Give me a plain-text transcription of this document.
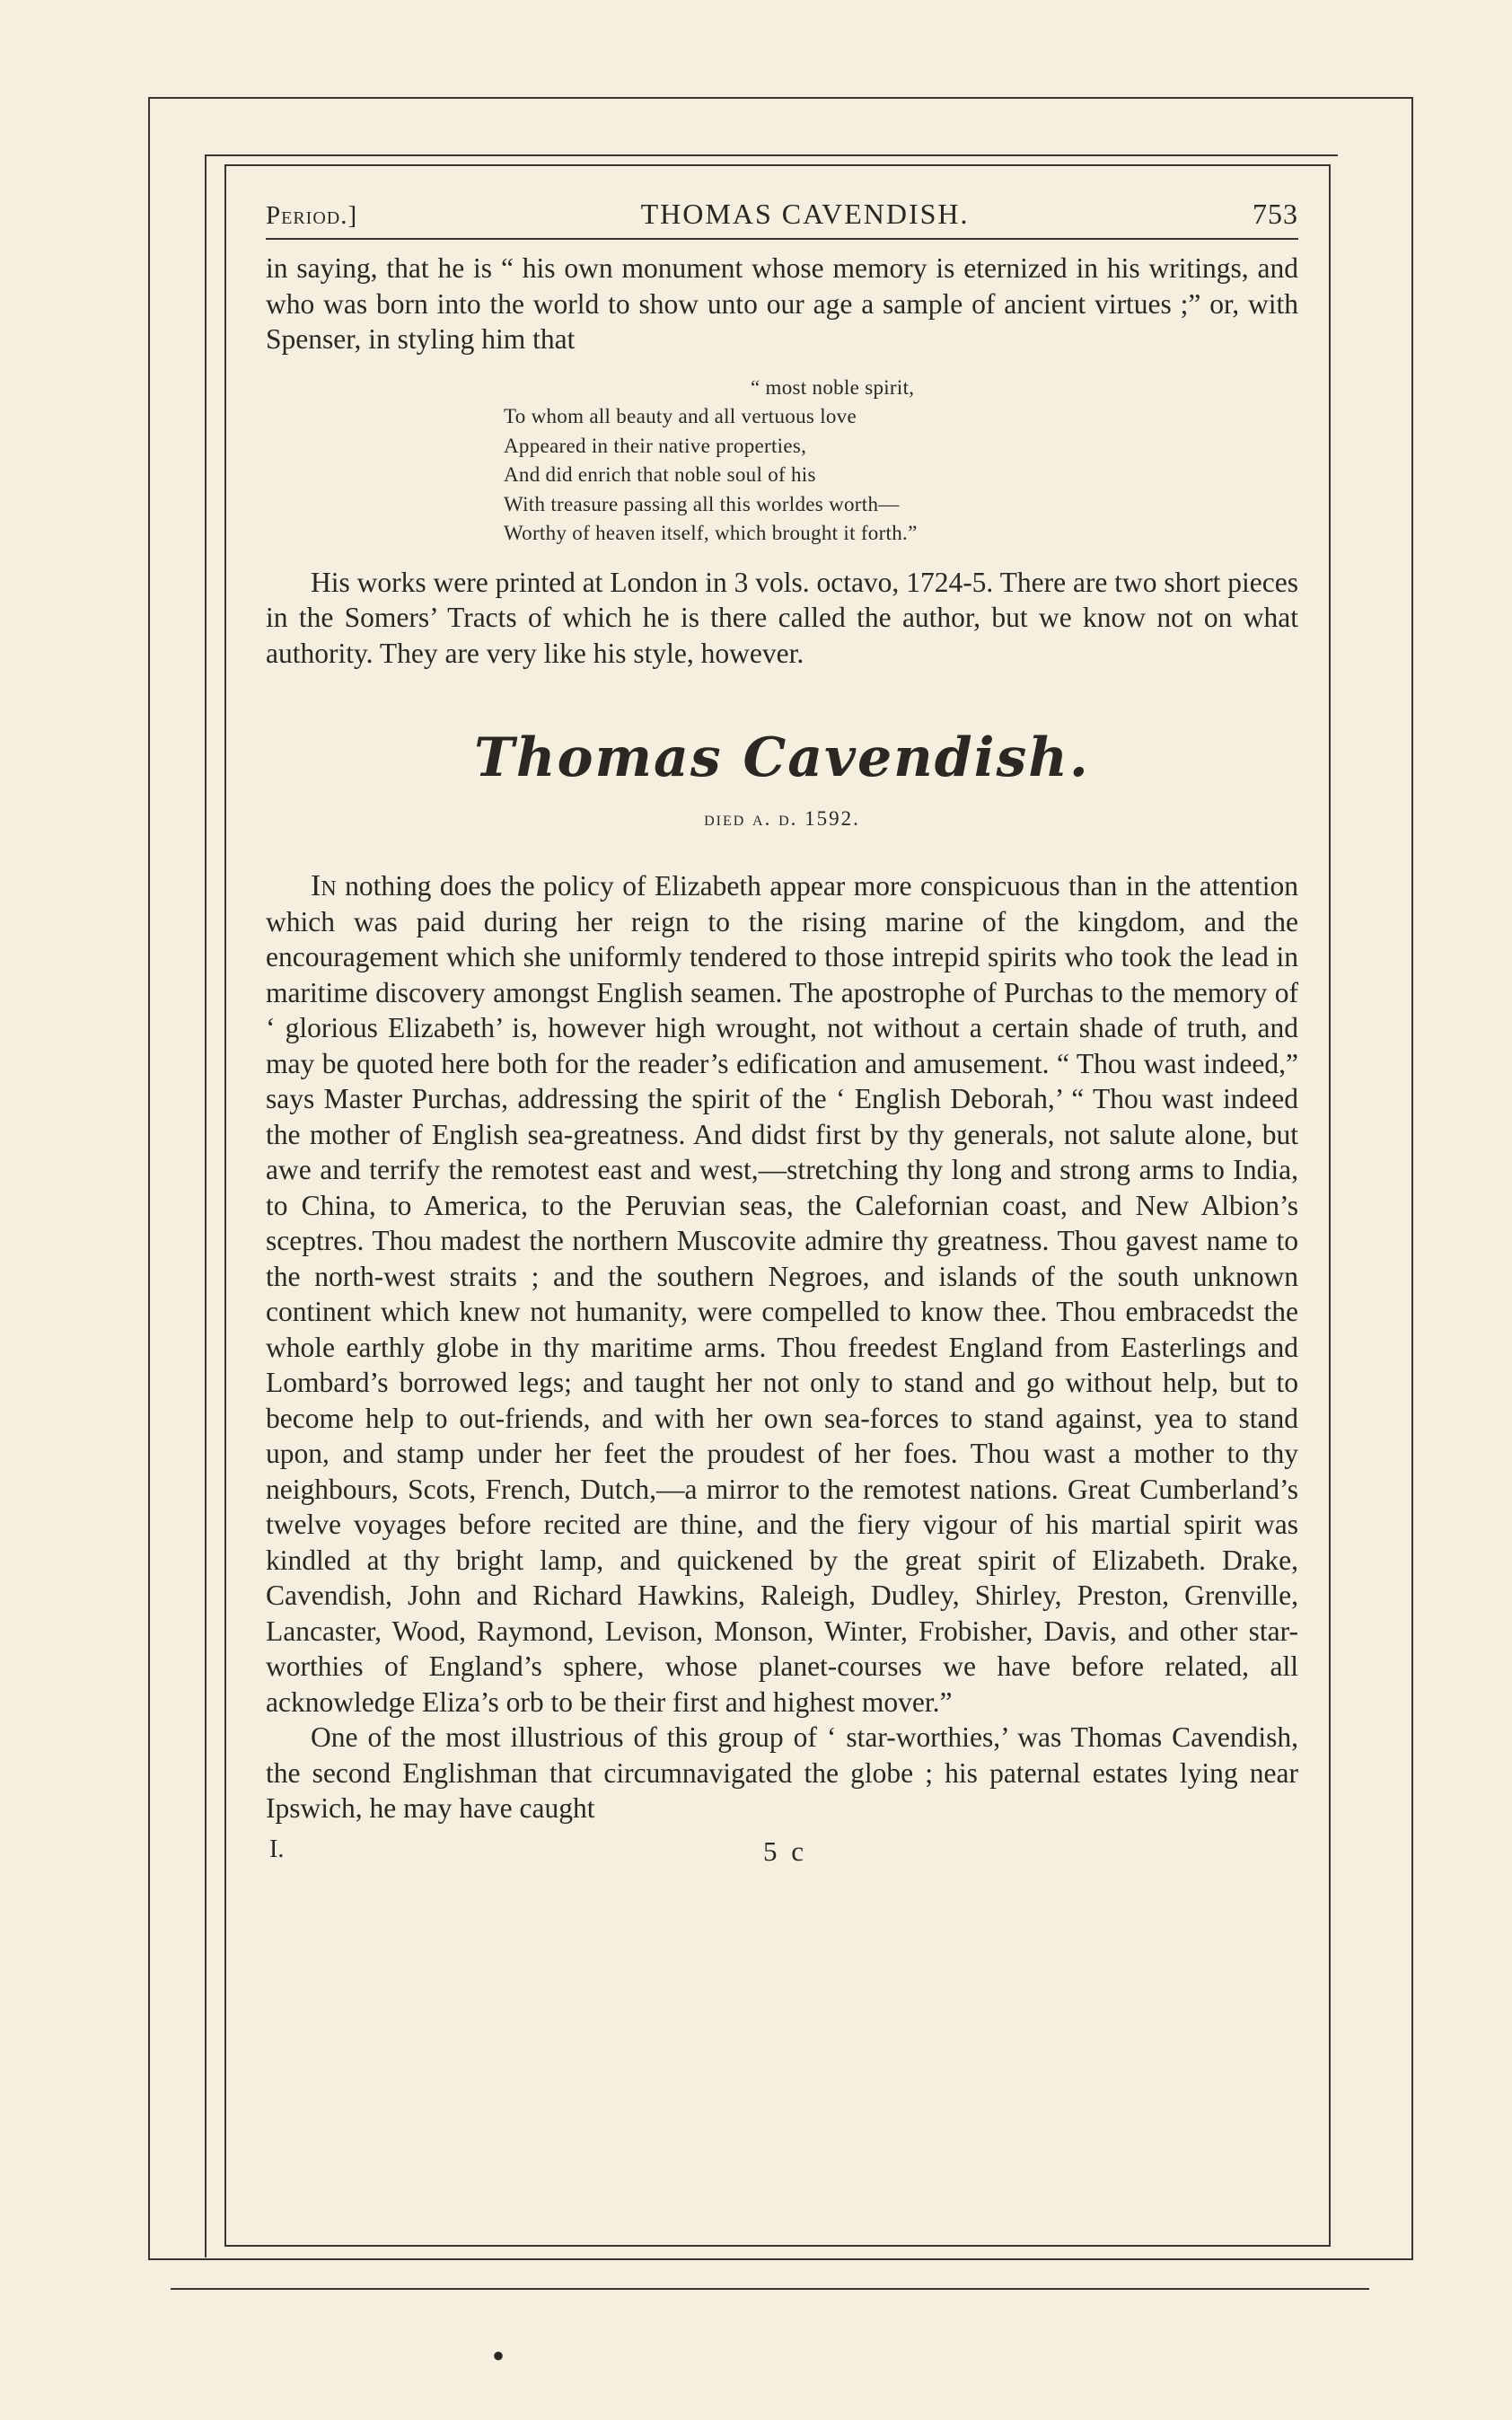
Period.]	THOMAS CAVENDISH.	753

in saying, that he is “ his own monument whose memory is eternized in his writings, and who was born into the world to show unto our age a sample of ancient virtues ;” or, with Spenser, in styling him that

“ most noble spirit,
To whom all beauty and all vertuous love
Appeared in their native properties,
And did enrich that noble soul of his
With treasure passing all this worldes worth—
Worthy of heaven itself, which brought it forth.”

His works were printed at London in 3 vols. octavo, 1724-5. There are two short pieces in the Somers’ Tracts of which he is there called the author, but we know not on what authority. They are very like his style, however.

Thomas Cavendish.
died a. d. 1592.

In nothing does the policy of Elizabeth appear more conspicuous than in the attention which was paid during her reign to the rising marine of the kingdom, and the encouragement which she uniformly tendered to those intrepid spirits who took the lead in maritime discovery amongst English seamen. The apostrophe of Purchas to the memory of ‘ glorious Elizabeth’ is, however high wrought, not without a certain shade of truth, and may be quoted here both for the reader’s edification and amusement. “ Thou wast indeed,” says Master Purchas, addressing the spirit of the ‘ English Deborah,’ “ Thou wast indeed the mother of English sea-greatness. And didst first by thy generals, not salute alone, but awe and terrify the remotest east and west,—stretching thy long and strong arms to India, to China, to America, to the Peruvian seas, the Calefornian coast, and New Albion’s sceptres. Thou madest the northern Muscovite admire thy greatness. Thou gavest name to the north-west straits ; and the southern Negroes, and islands of the south unknown continent which knew not humanity, were compelled to know thee. Thou embracedst the whole earthly globe in thy maritime arms. Thou freedest England from Easterlings and Lombard’s borrowed legs; and taught her not only to stand and go without help, but to become help to out-friends, and with her own sea-forces to stand against, yea to stand upon, and stamp under her feet the proudest of her foes. Thou wast a mother to thy neighbours, Scots, French, Dutch,—a mirror to the remotest nations. Great Cumberland’s twelve voyages before recited are thine, and the fiery vigour of his martial spirit was kindled at thy bright lamp, and quickened by the great spirit of Elizabeth. Drake, Cavendish, John and Richard Hawkins, Raleigh, Dudley, Shirley, Preston, Grenville, Lancaster, Wood, Raymond, Levison, Monson, Winter, Frobisher, Davis, and other star-worthies of England’s sphere, whose planet-courses we have before related, all acknowledge Eliza’s orb to be their first and highest mover.”

One of the most illustrious of this group of ‘ star-worthies,’ was Thomas Cavendish, the second Englishman that circumnavigated the globe ; his paternal estates lying near Ipswich, he may have caught

I.	5 c
•
